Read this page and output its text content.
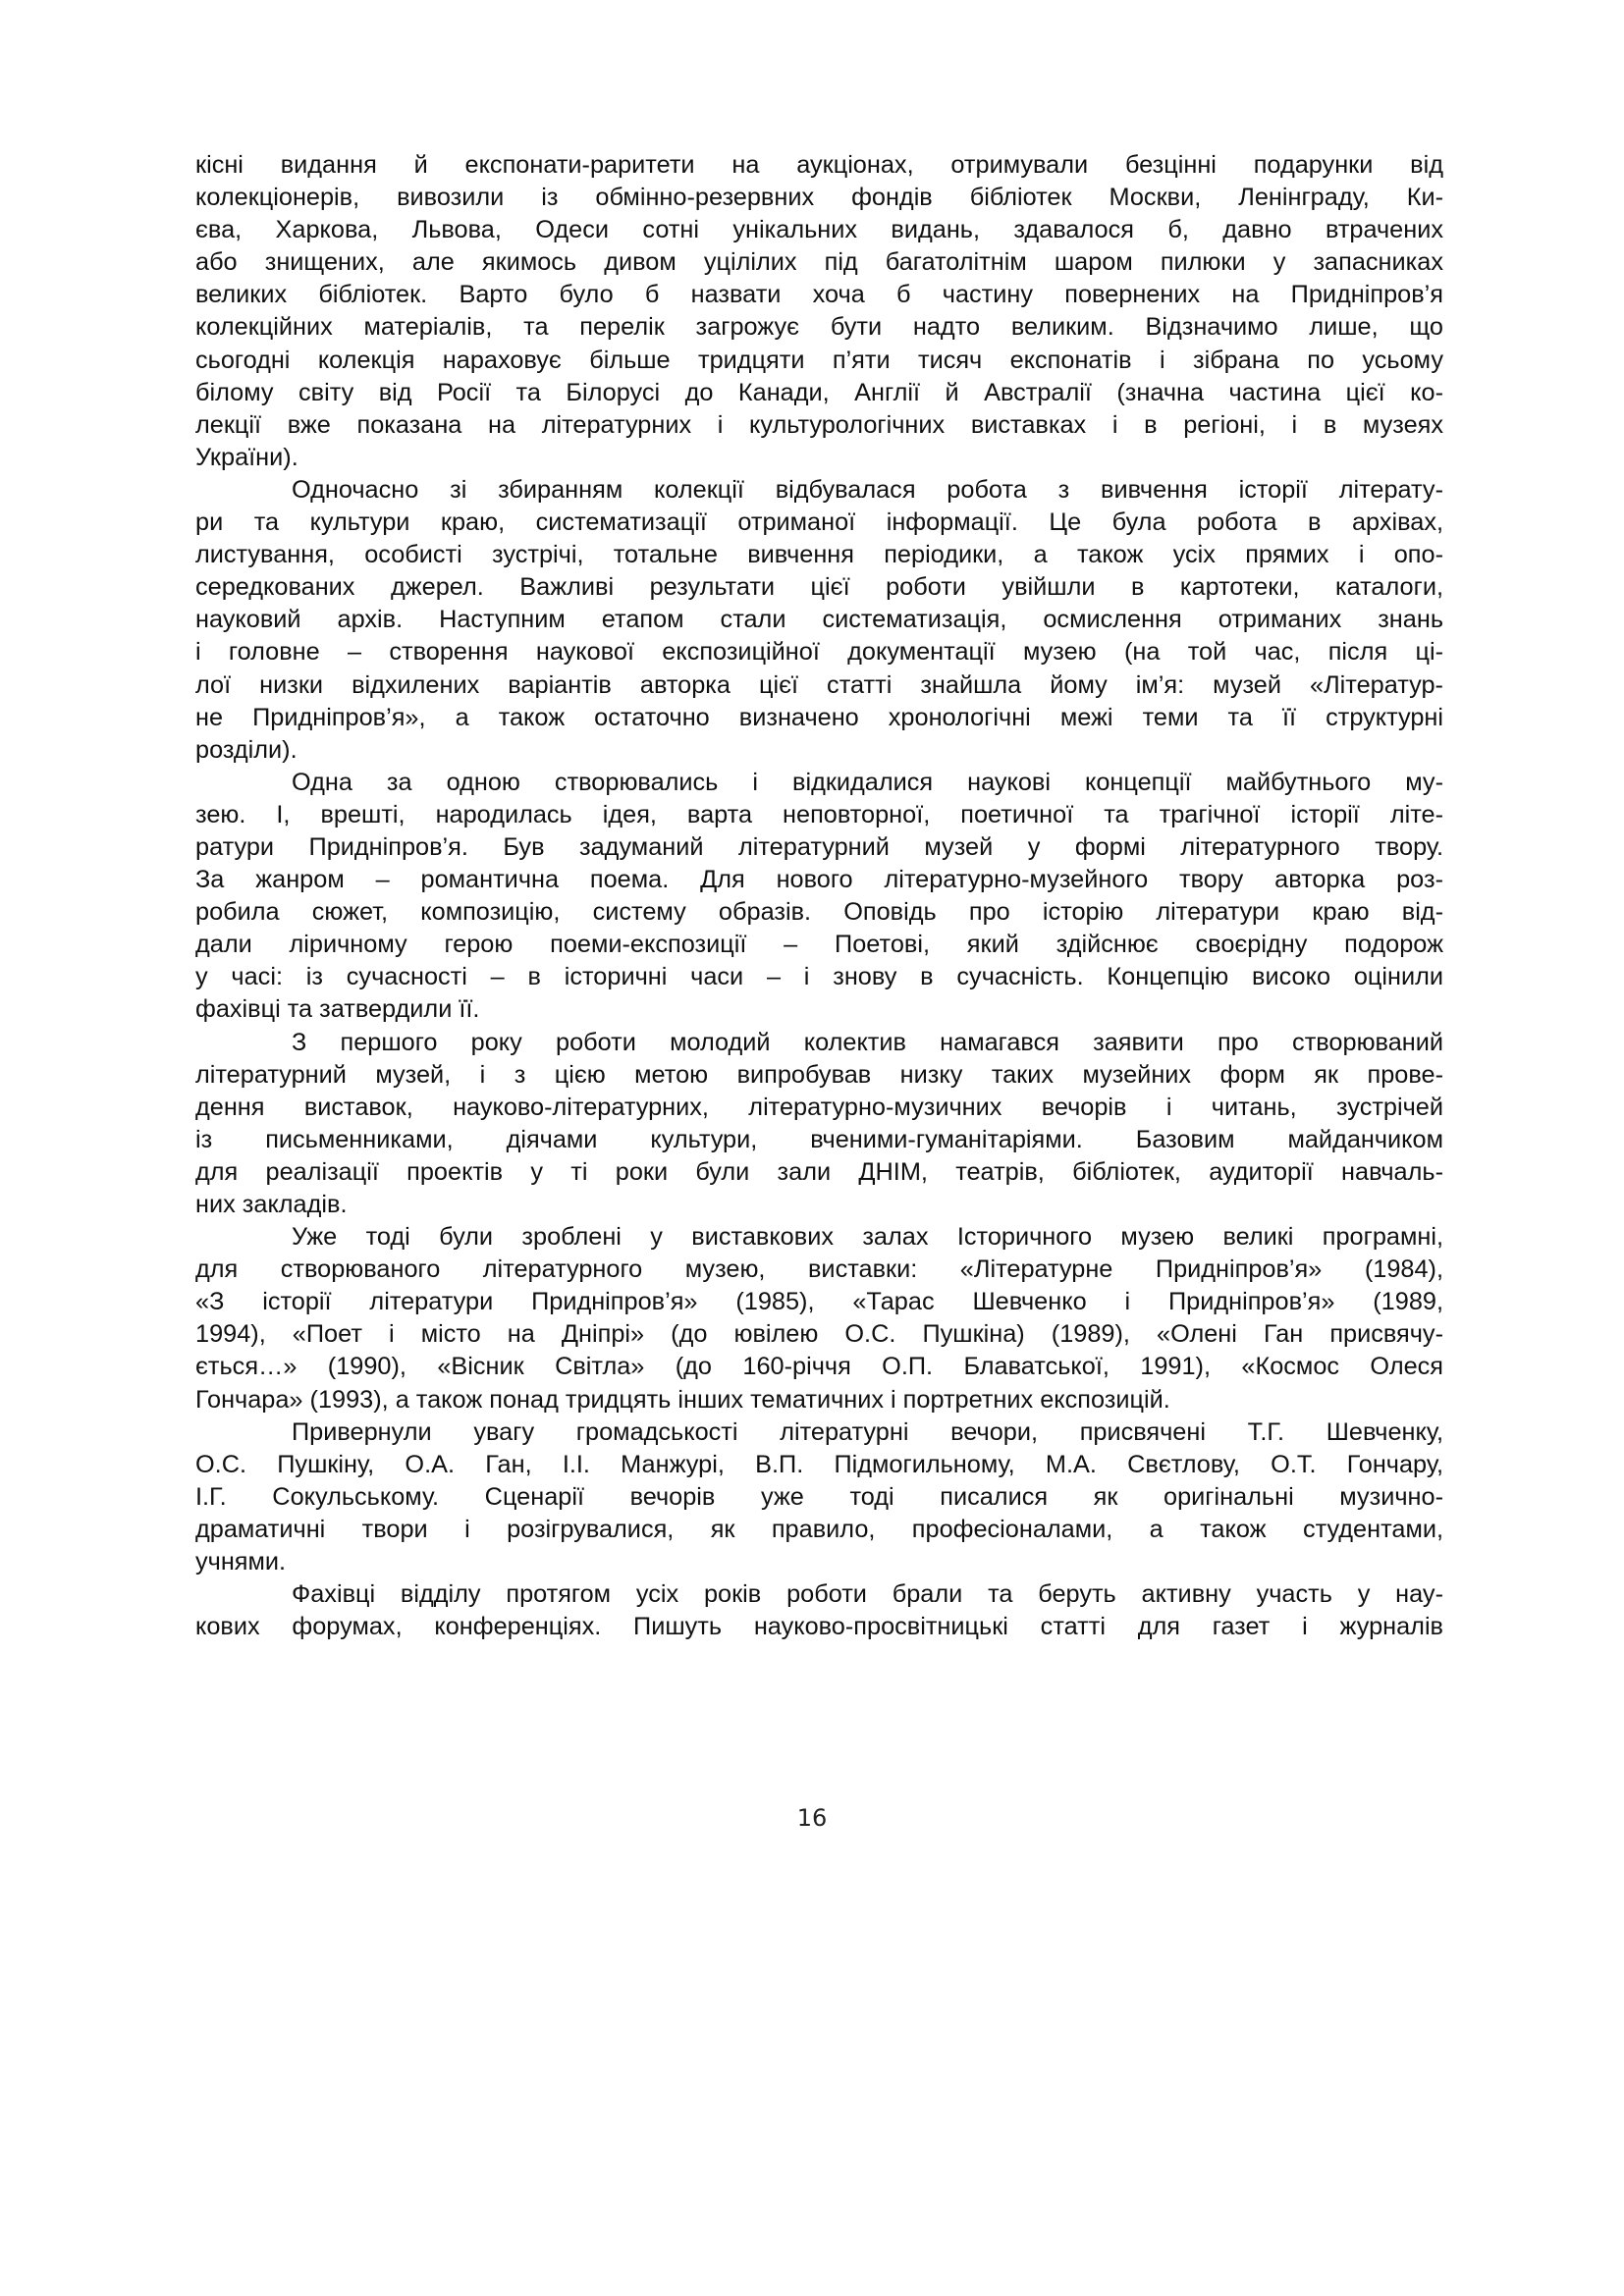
кісні видання й експонати-раритети на аукціонах, отримували безцінні подарунки від
колекціонерів, вивозили із обмінно-резервних фондів бібліотек Москви, Ленінграду, Ки-
єва, Харкова, Львова, Одеси сотні унікальних видань, здавалося б, давно втрачених
або знищених, але якимось дивом уцілілих під багатолітнім шаром пилюки у запасниках
великих бібліотек. Варто було б назвати хоча б частину повернених на Придніпров’я
колекційних матеріалів, та перелік загрожує бути надто великим. Відзначимо лише, що
сьогодні колекція нараховує більше тридцяти п’яти тисяч експонатів і зібрана по усьому
білому світу від Росії та Білорусі до Канади, Англії й Австралії (значна частина цієї ко-
лекції вже показана на літературних і культурологічних виставках і в регіоні, і в музеях
України).
Одночасно зі збиранням колекції відбувалася робота з вивчення історії літерату-
ри та культури краю, систематизації отриманої інформації. Це була робота в архівах,
листування, особисті зустрічі, тотальне вивчення періодики, а також усіх прямих і опо-
середкованих джерел. Важливі результати цієї роботи увійшли в картотеки, каталоги,
науковий архів. Наступним етапом стали систематизація, осмислення отриманих знань
і головне – створення наукової експозиційної документації музею (на той час, після ці-
лої низки відхилених варіантів авторка цієї статті знайшла йому ім’я: музей «Літератур-
не Придніпров’я», а також остаточно визначено хронологічні межі теми та її структурні
розділи).
Одна за одною створювались і відкидалися наукові концепції майбутнього му-
зею. І, врешті, народилась ідея, варта неповторної, поетичної та трагічної історії літе-
ратури Придніпров’я. Був задуманий літературний музей у формі літературного твору.
За жанром – романтична поема. Для нового літературно-музейного твору авторка роз-
робила сюжет, композицію, систему образів. Оповідь про історію літератури краю від-
дали ліричному герою поеми-експозиції – Поетові, який здійснює своєрідну подорож
у часі: із сучасності – в історичні часи – і знову в сучасність. Концепцію високо оцінили
фахівці та затвердили її.
З першого року роботи молодий колектив намагався заявити про створюваний
літературний музей, і з цією метою випробував низку таких музейних форм як прове-
дення виставок, науково-літературних, літературно-музичних вечорів і читань, зустрічей
із письменниками, діячами культури, вченими-гуманітаріями. Базовим майданчиком
для реалізації проектів у ті роки були зали ДНІМ, театрів, бібліотек, аудиторії навчаль-
них закладів.
Уже тоді були зроблені у виставкових залах Історичного музею великі програмні,
для створюваного літературного музею, виставки: «Літературне Придніпров’я» (1984),
«З історії літератури Придніпров’я» (1985), «Тарас Шевченко і Придніпров’я» (1989,
1994), «Поет і місто на Дніпрі» (до ювілею О.С. Пушкіна) (1989), «Олені Ган присвячу-
ється…» (1990), «Вісник Світла» (до 160-річчя О.П. Блаватської, 1991), «Космос Олеся
Гончара» (1993), а також понад тридцять інших тематичних і портретних експозицій.
Привернули увагу громадськості літературні вечори, присвячені Т.Г. Шевченку,
О.С. Пушкіну, О.А. Ган, І.І. Манжурі, В.П. Підмогильному, М.А. Свєтлову, О.Т. Гончару,
І.Г. Сокульському. Сценарії вечорів уже тоді писалися як оригінальні музично-
драматичні твори і розігрувалися, як правило, професіоналами, а також студентами,
учнями.
Фахівці відділу протягом усіх років роботи брали та беруть активну участь у нау-
кових форумах, конференціях. Пишуть науково-просвітницькі статті для газет і журналів
16
